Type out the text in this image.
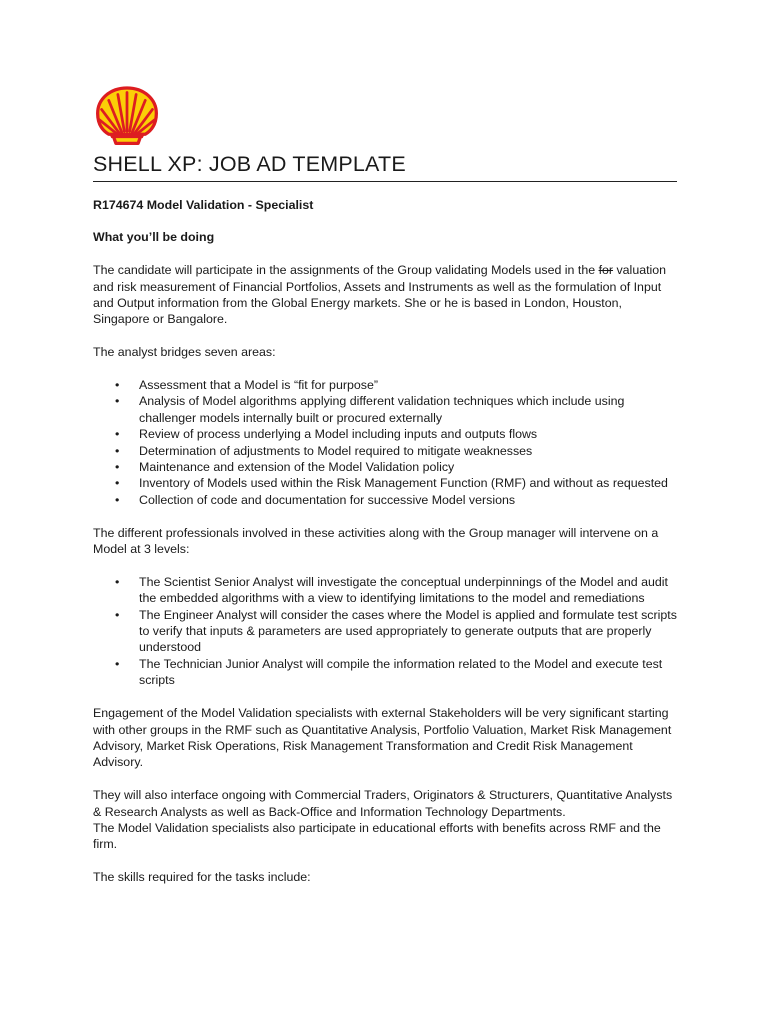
SHELL XP: JOB AD TEMPLATE

R174674 Model Validation - Specialist

What you’ll be doing

The candidate will participate in the assignments of the Group validating Models used in the for valuation and risk measurement of Financial Portfolios, Assets and Instruments as well as the formulation of Input and Output information from the Global Energy markets. She or he is based in London, Houston, Singapore or Bangalore.

The analyst bridges seven areas:

• Assessment that a Model is “fit for purpose”
• Analysis of Model algorithms applying different validation techniques which include using challenger models internally built or procured externally
• Review of process underlying a Model including inputs and outputs flows
• Determination of adjustments to Model required to mitigate weaknesses
• Maintenance and extension of the Model Validation policy
• Inventory of Models used within the Risk Management Function (RMF) and without as requested
• Collection of code and documentation for successive Model versions

The different professionals involved in these activities along with the Group manager will intervene on a Model at 3 levels:

• The Scientist Senior Analyst will investigate the conceptual underpinnings of the Model and audit the embedded algorithms with a view to identifying limitations to the model and remediations
• The Engineer Analyst will consider the cases where the Model is applied and formulate test scripts to verify that inputs & parameters are used appropriately to generate outputs that are properly understood
• The Technician Junior Analyst will compile the information related to the Model and execute test scripts

Engagement of the Model Validation specialists with external Stakeholders will be very significant starting with other groups in the RMF such as Quantitative Analysis, Portfolio Valuation, Market Risk Management Advisory, Market Risk Operations, Risk Management Transformation and Credit Risk Management Advisory.

They will also interface ongoing with Commercial Traders, Originators & Structurers, Quantitative Analysts & Research Analysts as well as Back-Office and Information Technology Departments.

The Model Validation specialists also participate in educational efforts with benefits across RMF and the firm.

The skills required for the tasks include:
